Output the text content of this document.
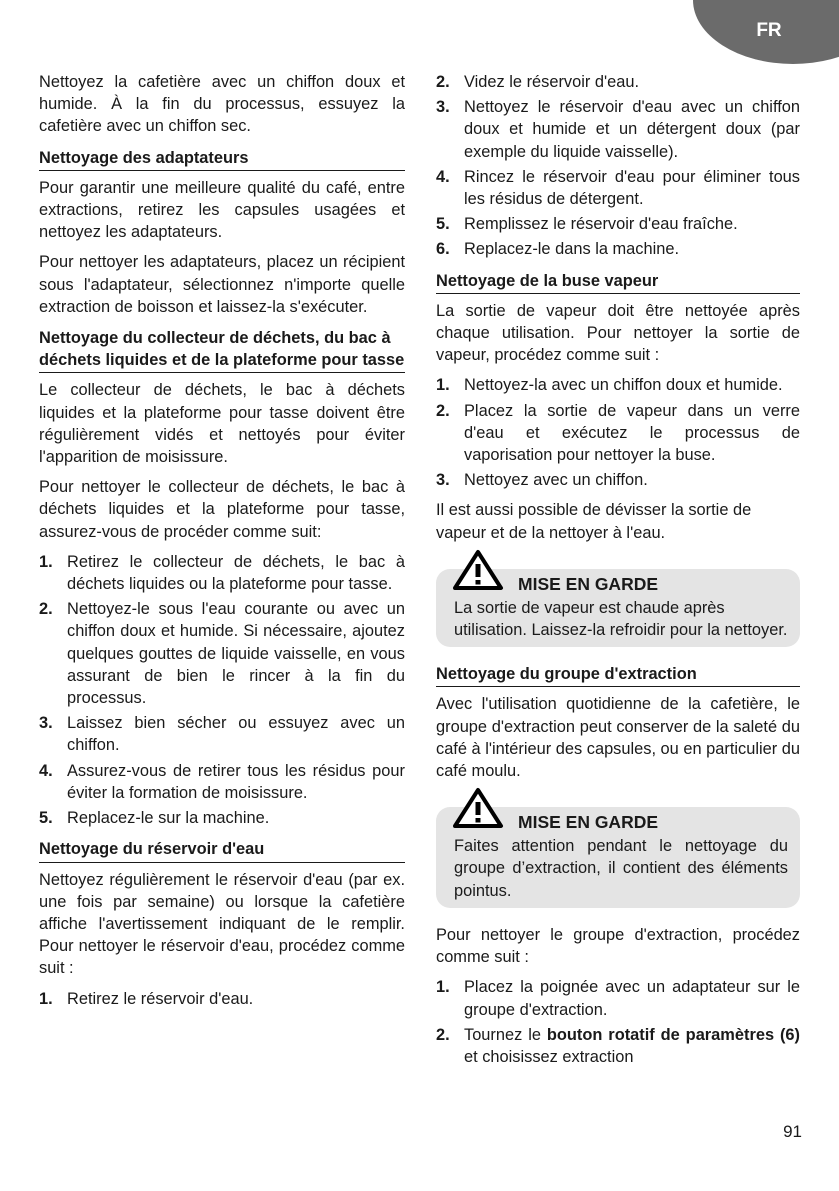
FR

Nettoyez la cafetière avec un chiffon doux et humide. À la fin du processus, essuyez la cafetière avec un chiffon sec.

Nettoyage des adaptateurs

Pour garantir une meilleure qualité du café, entre extractions, retirez les capsules usagées et nettoyez les adaptateurs.

Pour nettoyer les adaptateurs, placez un récipient sous l'adaptateur, sélectionnez n'importe quelle extraction de boisson et laissez-la s'exécuter.

Nettoyage du collecteur de déchets, du bac à déchets liquides et de la plateforme pour tasse

Le collecteur de déchets, le bac à déchets liquides et la plateforme pour tasse doivent être régulièrement vidés et nettoyés pour éviter l'apparition de moisissure.

Pour nettoyer le collecteur de déchets, le bac à déchets liquides et la plateforme pour tasse, assurez-vous de procéder comme suit:

1. Retirez le collecteur de déchets, le bac à déchets liquides ou la plateforme pour tasse.
2. Nettoyez-le sous l'eau courante ou avec un chiffon doux et humide. Si nécessaire, ajoutez quelques gouttes de liquide vaisselle, en vous assurant de bien le rincer à la fin du processus.
3. Laissez bien sécher ou essuyez avec un chiffon.
4. Assurez-vous de retirer tous les résidus pour éviter la formation de moisissure.
5. Replacez-le sur la machine.
Nettoyage du réservoir d'eau

Nettoyez régulièrement le réservoir d'eau (par ex. une fois par semaine) ou lorsque la cafetière affiche l'avertissement indiquant de le remplir. Pour nettoyer le réservoir d'eau, procédez comme suit :

1. Retirez le réservoir d'eau.
2. Videz le réservoir d'eau.
3. Nettoyez le réservoir d'eau avec un chiffon doux et humide et un détergent doux (par exemple du liquide vaisselle).
4. Rincez le réservoir d'eau pour éliminer tous les résidus de détergent.
5. Remplissez le réservoir d'eau fraîche.
6. Replacez-le dans la machine.
Nettoyage de la buse vapeur

La sortie de vapeur doit être nettoyée après chaque utilisation. Pour nettoyer la sortie de vapeur, procédez comme suit :

1. Nettoyez-la avec un chiffon doux et humide.
2. Placez la sortie de vapeur dans un verre d'eau et exécutez le processus de vaporisation pour nettoyer la buse.
3. Nettoyez avec un chiffon.

Il est aussi possible de dévisser la sortie de vapeur et de la nettoyer à l'eau.

MISE EN GARDE

La sortie de vapeur est chaude après utilisation. Laissez-la refroidir pour la nettoyer.

Nettoyage du groupe d'extraction

Avec l'utilisation quotidienne de la cafetière, le groupe d'extraction peut conserver de la saleté du café à l'intérieur des capsules, ou en particulier du café moulu.

MISE EN GARDE

Faites attention pendant le nettoyage du groupe d’extraction, il contient des éléments pointus.

Pour nettoyer le groupe d'extraction, procédez comme suit :

1. Placez la poignée avec un adaptateur sur le groupe d'extraction.
2. Tournez le bouton rotatif de paramètres (6) et choisissez extraction
91
